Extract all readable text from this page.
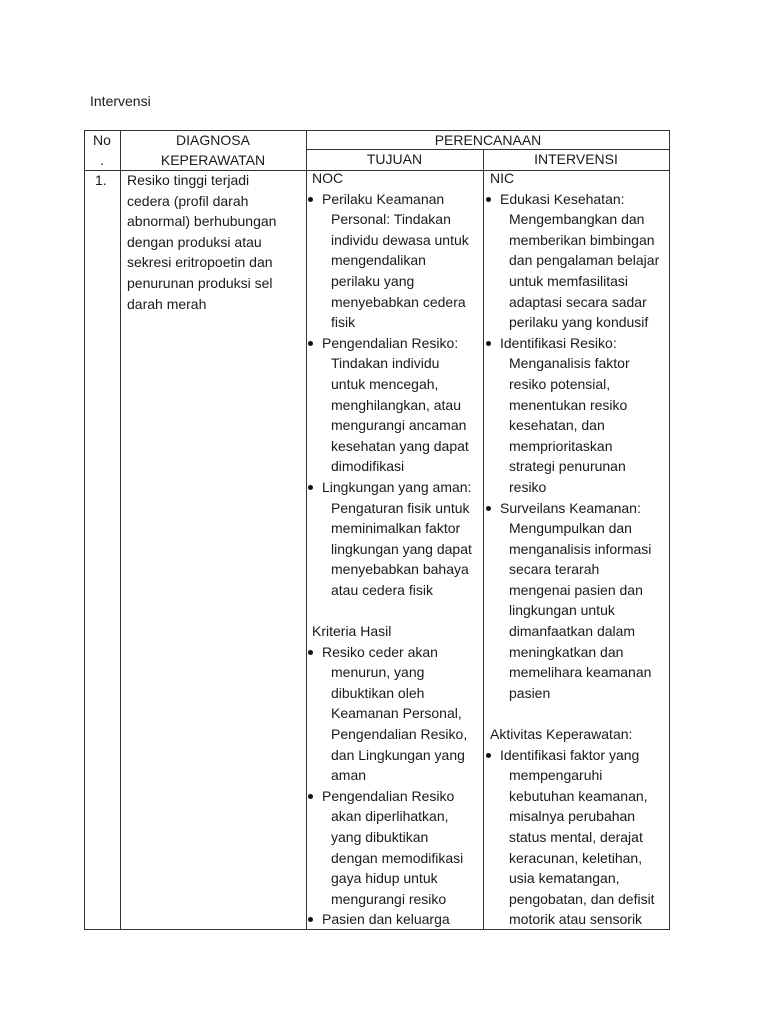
Intervensi
No
.
DIAGNOSA
KEPERAWATAN
PERENCANAAN
TUJUAN	INTERVENSI
1. Resiko tinggi terjadi
cedera (profil darah
abnormal) berhubungan
dengan produksi atau
sekresi eritropoetin dan
penurunan produksi sel
darah merah
NOC
Perilaku Keamanan
Personal: Tindakan
individu dewasa untuk
mengendalikan
perilaku yang
menyebabkan cedera
fisik
Pengendalian Resiko:
Tindakan individu
untuk mencegah,
menghilangkan, atau
mengurangi ancaman
kesehatan yang dapat
dimodifikasi
Lingkungan yang aman:
Pengaturan fisik untuk
meminimalkan faktor
lingkungan yang dapat
menyebabkan bahaya
atau cedera fisik
Kriteria Hasil
Resiko ceder akan
menurun, yang
dibuktikan oleh
Keamanan Personal,
Pengendalian Resiko,
dan Lingkungan yang
aman
Pengendalian Resiko
akan diperlihatkan,
yang dibuktikan
dengan memodifikasi
gaya hidup untuk
mengurangi resiko
Pasien dan keluarga
NIC
Edukasi Kesehatan:
Mengembangkan dan
memberikan bimbingan
dan pengalaman belajar
untuk memfasilitasi
adaptasi secara sadar
perilaku yang kondusif
Identifikasi Resiko:
Menganalisis faktor
resiko potensial,
menentukan resiko
kesehatan, dan
memprioritaskan
strategi penurunan
resiko
Surveilans Keamanan:
Mengumpulkan dan
menganalisis informasi
secara terarah
mengenai pasien dan
lingkungan untuk
dimanfaatkan dalam
meningkatkan dan
memelihara keamanan
pasien
Aktivitas Keperawatan:
Identifikasi faktor yang
mempengaruhi
kebutuhan keamanan,
misalnya perubahan
status mental, derajat
keracunan, keletihan,
usia kematangan,
pengobatan, dan defisit
motorik atau sensorik
